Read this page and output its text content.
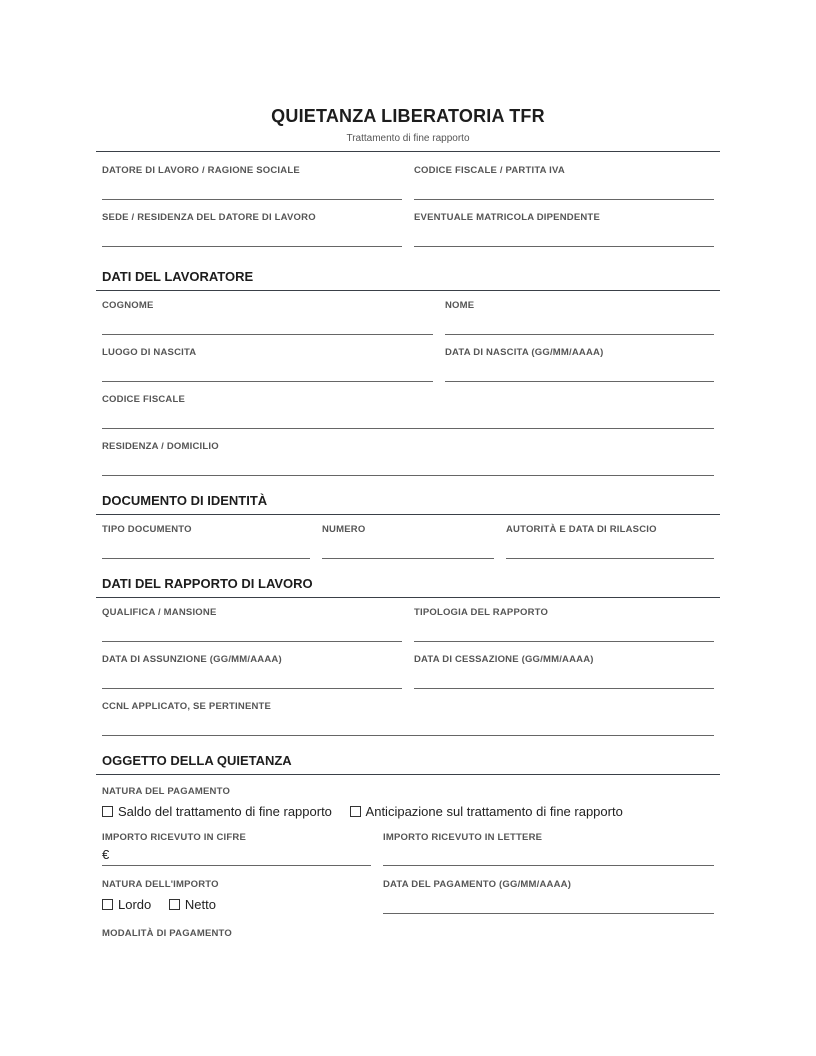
QUIETANZA LIBERATORIA TFR
Trattamento di fine rapporto
DATORE DI LAVORO / RAGIONE SOCIALE	CODICE FISCALE / PARTITA IVA
SEDE / RESIDENZA DEL DATORE DI LAVORO	EVENTUALE MATRICOLA DIPENDENTE
DATI DEL LAVORATORE
COGNOME	NOME
LUOGO DI NASCITA	DATA DI NASCITA (GG/MM/AAAA)
CODICE FISCALE
RESIDENZA / DOMICILIO
DOCUMENTO DI IDENTITÀ
TIPO DOCUMENTO	NUMERO	AUTORITÀ E DATA DI RILASCIO
DATI DEL RAPPORTO DI LAVORO
QUALIFICA / MANSIONE	TIPOLOGIA DEL RAPPORTO
DATA DI ASSUNZIONE (GG/MM/AAAA)	DATA DI CESSAZIONE (GG/MM/AAAA)
CCNL APPLICATO, SE PERTINENTE
OGGETTO DELLA QUIETANZA
NATURA DEL PAGAMENTO
Saldo del trattamento di fine rapporto	Anticipazione sul trattamento di fine rapporto
IMPORTO RICEVUTO IN CIFRE
€
IMPORTO RICEVUTO IN LETTERE
NATURA DELL'IMPORTO
Lordo	Netto
DATA DEL PAGAMENTO (GG/MM/AAAA)
MODALITÀ DI PAGAMENTO
